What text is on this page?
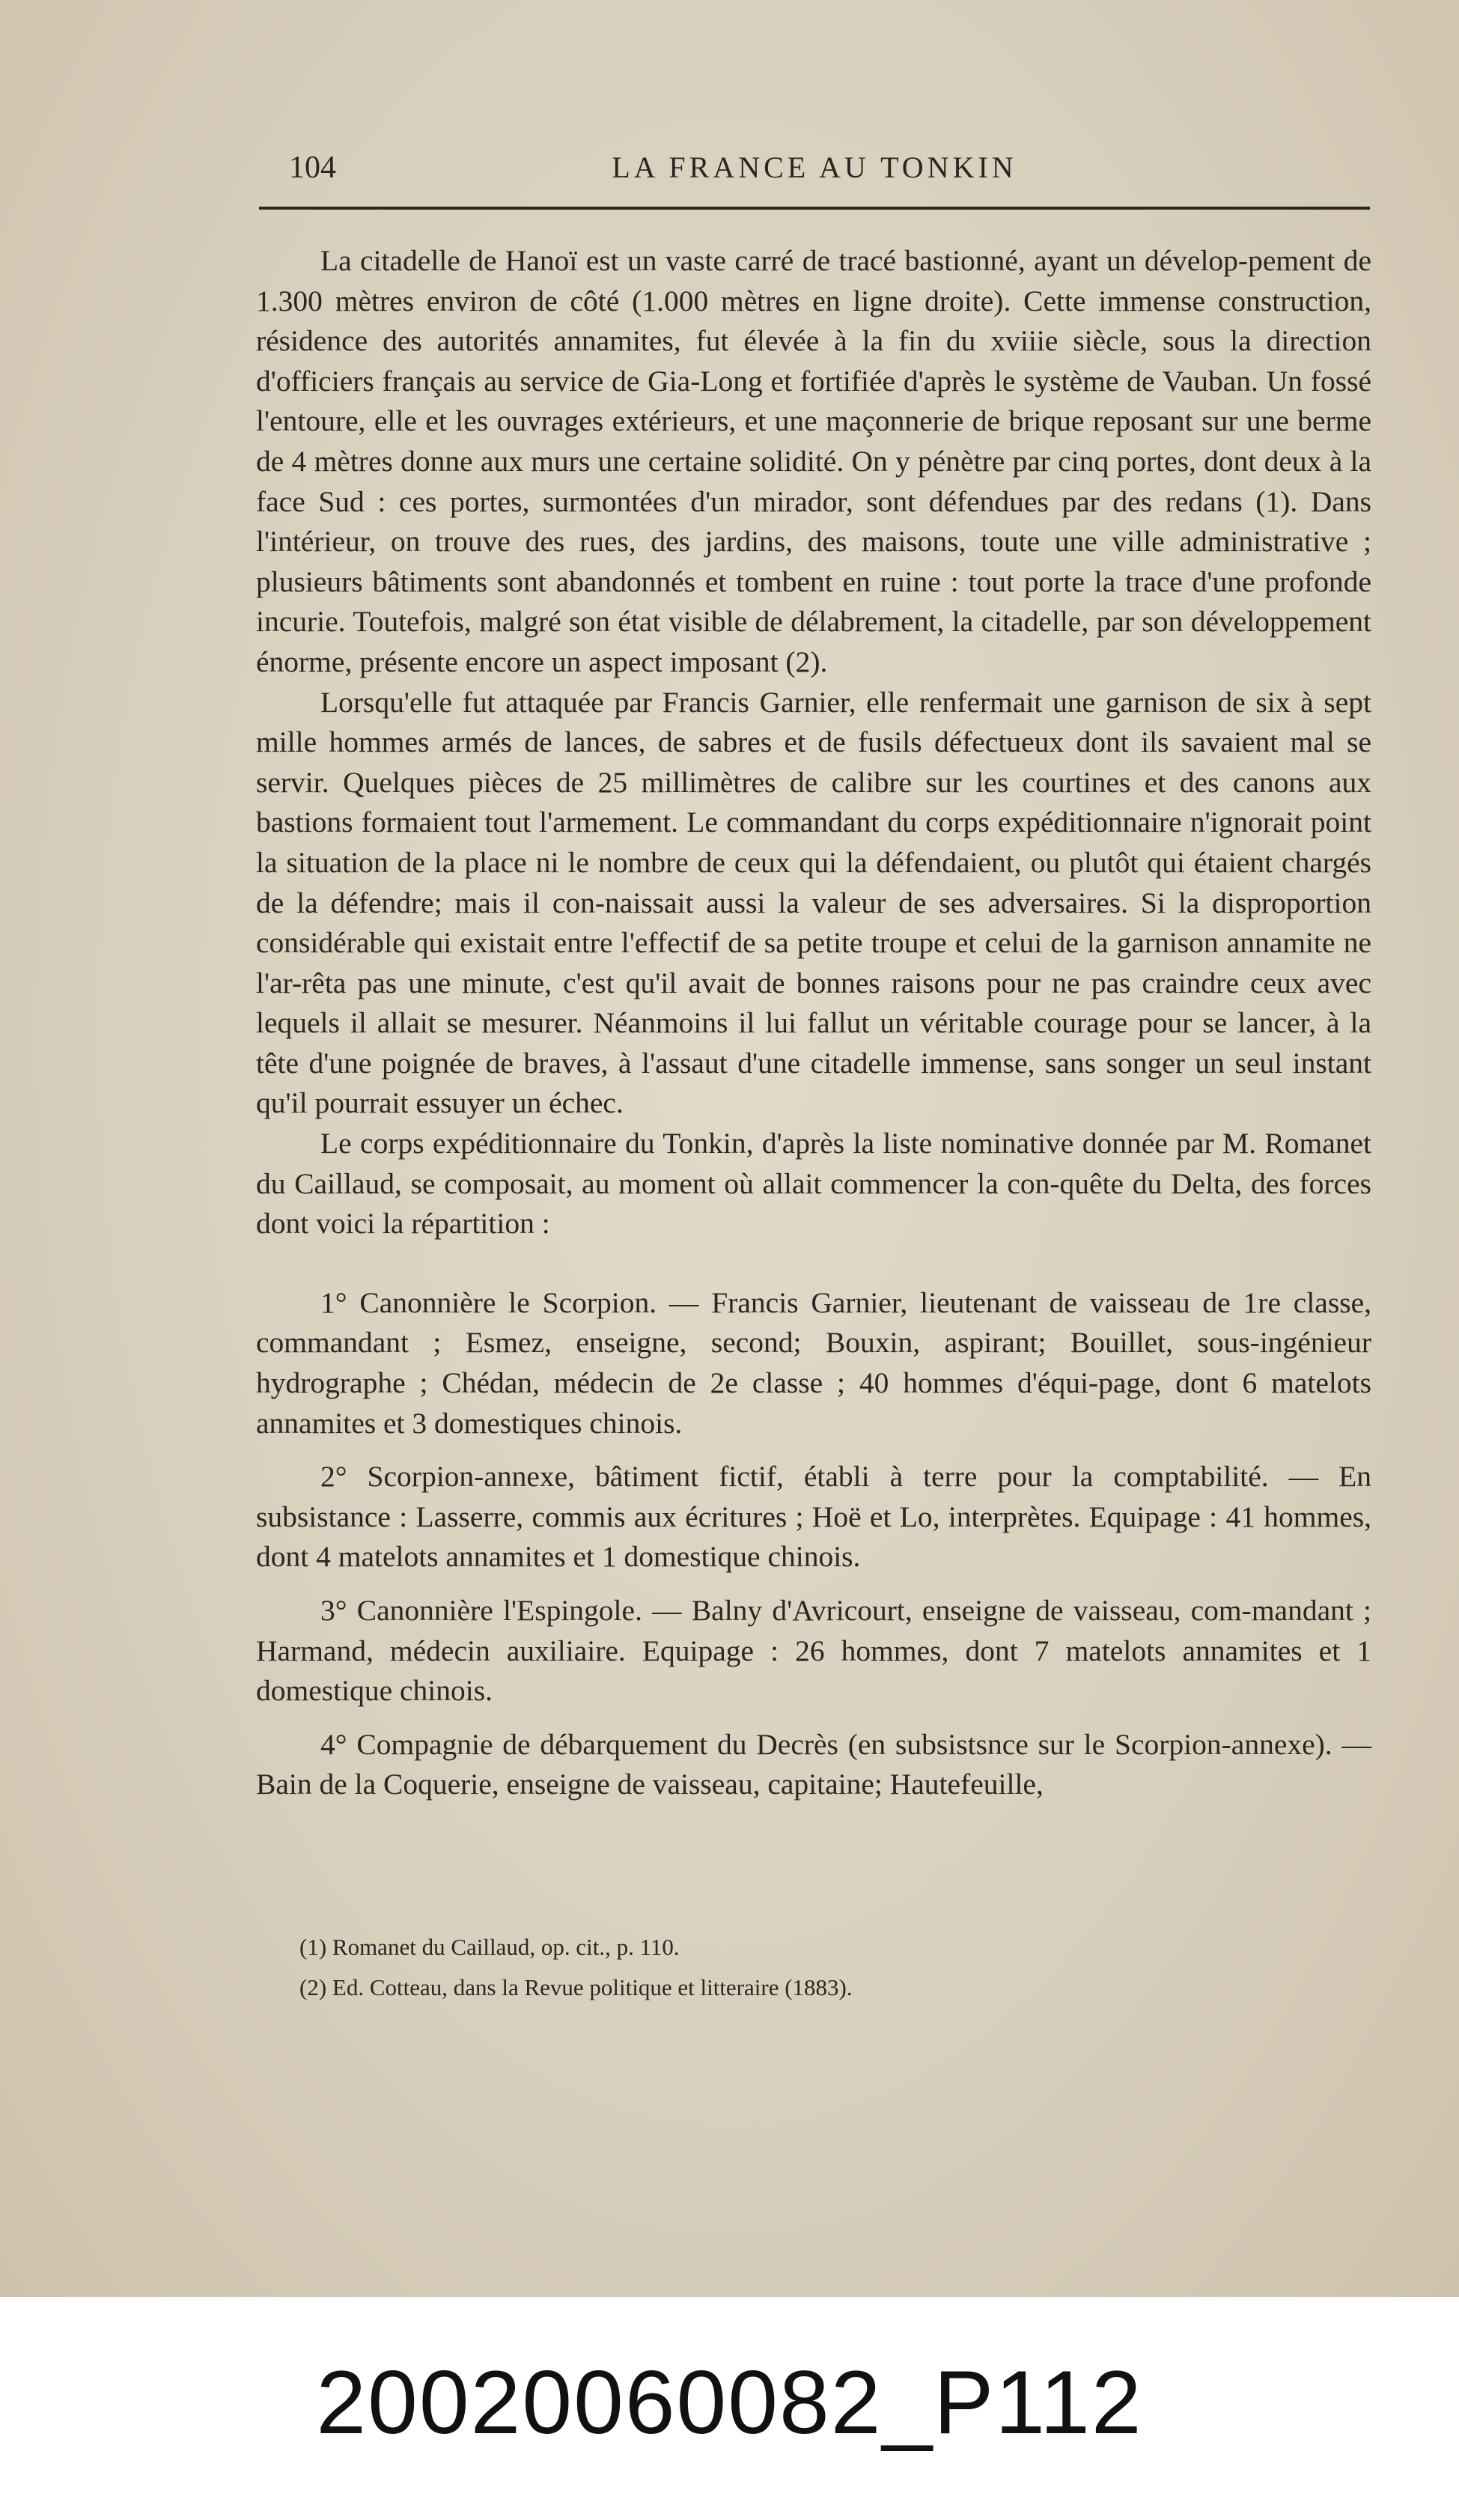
104	LA FRANCE AU TONKIN

La citadelle de Hanoï est un vaste carré de tracé bastionné, ayant un dévelop-pement de 1.300 mètres environ de côté (1.000 mètres en ligne droite). Cette immense construction, résidence des autorités annamites, fut élevée à la fin du xviiie siècle, sous la direction d'officiers français au service de Gia-Long et fortifiée d'après le système de Vauban. Un fossé l'entoure, elle et les ouvrages extérieurs, et une maçonnerie de brique reposant sur une berme de 4 mètres donne aux murs une certaine solidité. On y pénètre par cinq portes, dont deux à la face Sud : ces portes, surmontées d'un mirador, sont défendues par des redans (1). Dans l'intérieur, on trouve des rues, des jardins, des maisons, toute une ville administrative ; plusieurs bâtiments sont abandonnés et tombent en ruine : tout porte la trace d'une profonde incurie. Toutefois, malgré son état visible de délabrement, la citadelle, par son développement énorme, présente encore un aspect imposant (2).

Lorsqu'elle fut attaquée par Francis Garnier, elle renfermait une garnison de six à sept mille hommes armés de lances, de sabres et de fusils défectueux dont ils savaient mal se servir. Quelques pièces de 25 millimètres de calibre sur les courtines et des canons aux bastions formaient tout l'armement. Le commandant du corps expéditionnaire n'ignorait point la situation de la place ni le nombre de ceux qui la défendaient, ou plutôt qui étaient chargés de la défendre; mais il con-naissait aussi la valeur de ses adversaires. Si la disproportion considérable qui existait entre l'effectif de sa petite troupe et celui de la garnison annamite ne l'ar-rêta pas une minute, c'est qu'il avait de bonnes raisons pour ne pas craindre ceux avec lequels il allait se mesurer. Néanmoins il lui fallut un véritable courage pour se lancer, à la tête d'une poignée de braves, à l'assaut d'une citadelle immense, sans songer un seul instant qu'il pourrait essuyer un échec.

Le corps expéditionnaire du Tonkin, d'après la liste nominative donnée par M. Romanet du Caillaud, se composait, au moment où allait commencer la con-quête du Delta, des forces dont voici la répartition :

1° Canonnière le Scorpion. — Francis Garnier, lieutenant de vaisseau de 1re classe, commandant ; Esmez, enseigne, second; Bouxin, aspirant; Bouillet, sous-ingénieur hydrographe ; Chédan, médecin de 2e classe ; 40 hommes d'équi-page, dont 6 matelots annamites et 3 domestiques chinois.

2° Scorpion-annexe, bâtiment fictif, établi à terre pour la comptabilité. — En subsistance : Lasserre, commis aux écritures ; Hoë et Lo, interprètes. Equipage : 41 hommes, dont 4 matelots annamites et 1 domestique chinois.

3° Canonnière l'Espingole. — Balny d'Avricourt, enseigne de vaisseau, com-mandant ; Harmand, médecin auxiliaire. Equipage : 26 hommes, dont 7 matelots annamites et 1 domestique chinois.

4° Compagnie de débarquement du Decrès (en subsistsnce sur le Scorpion-annexe). — Bain de la Coquerie, enseigne de vaisseau, capitaine; Hautefeuille,

(1) Romanet du Caillaud, op. cit., p. 110.

(2) Ed. Cotteau, dans la Revue politique et litteraire (1883).

20020060082_P112
